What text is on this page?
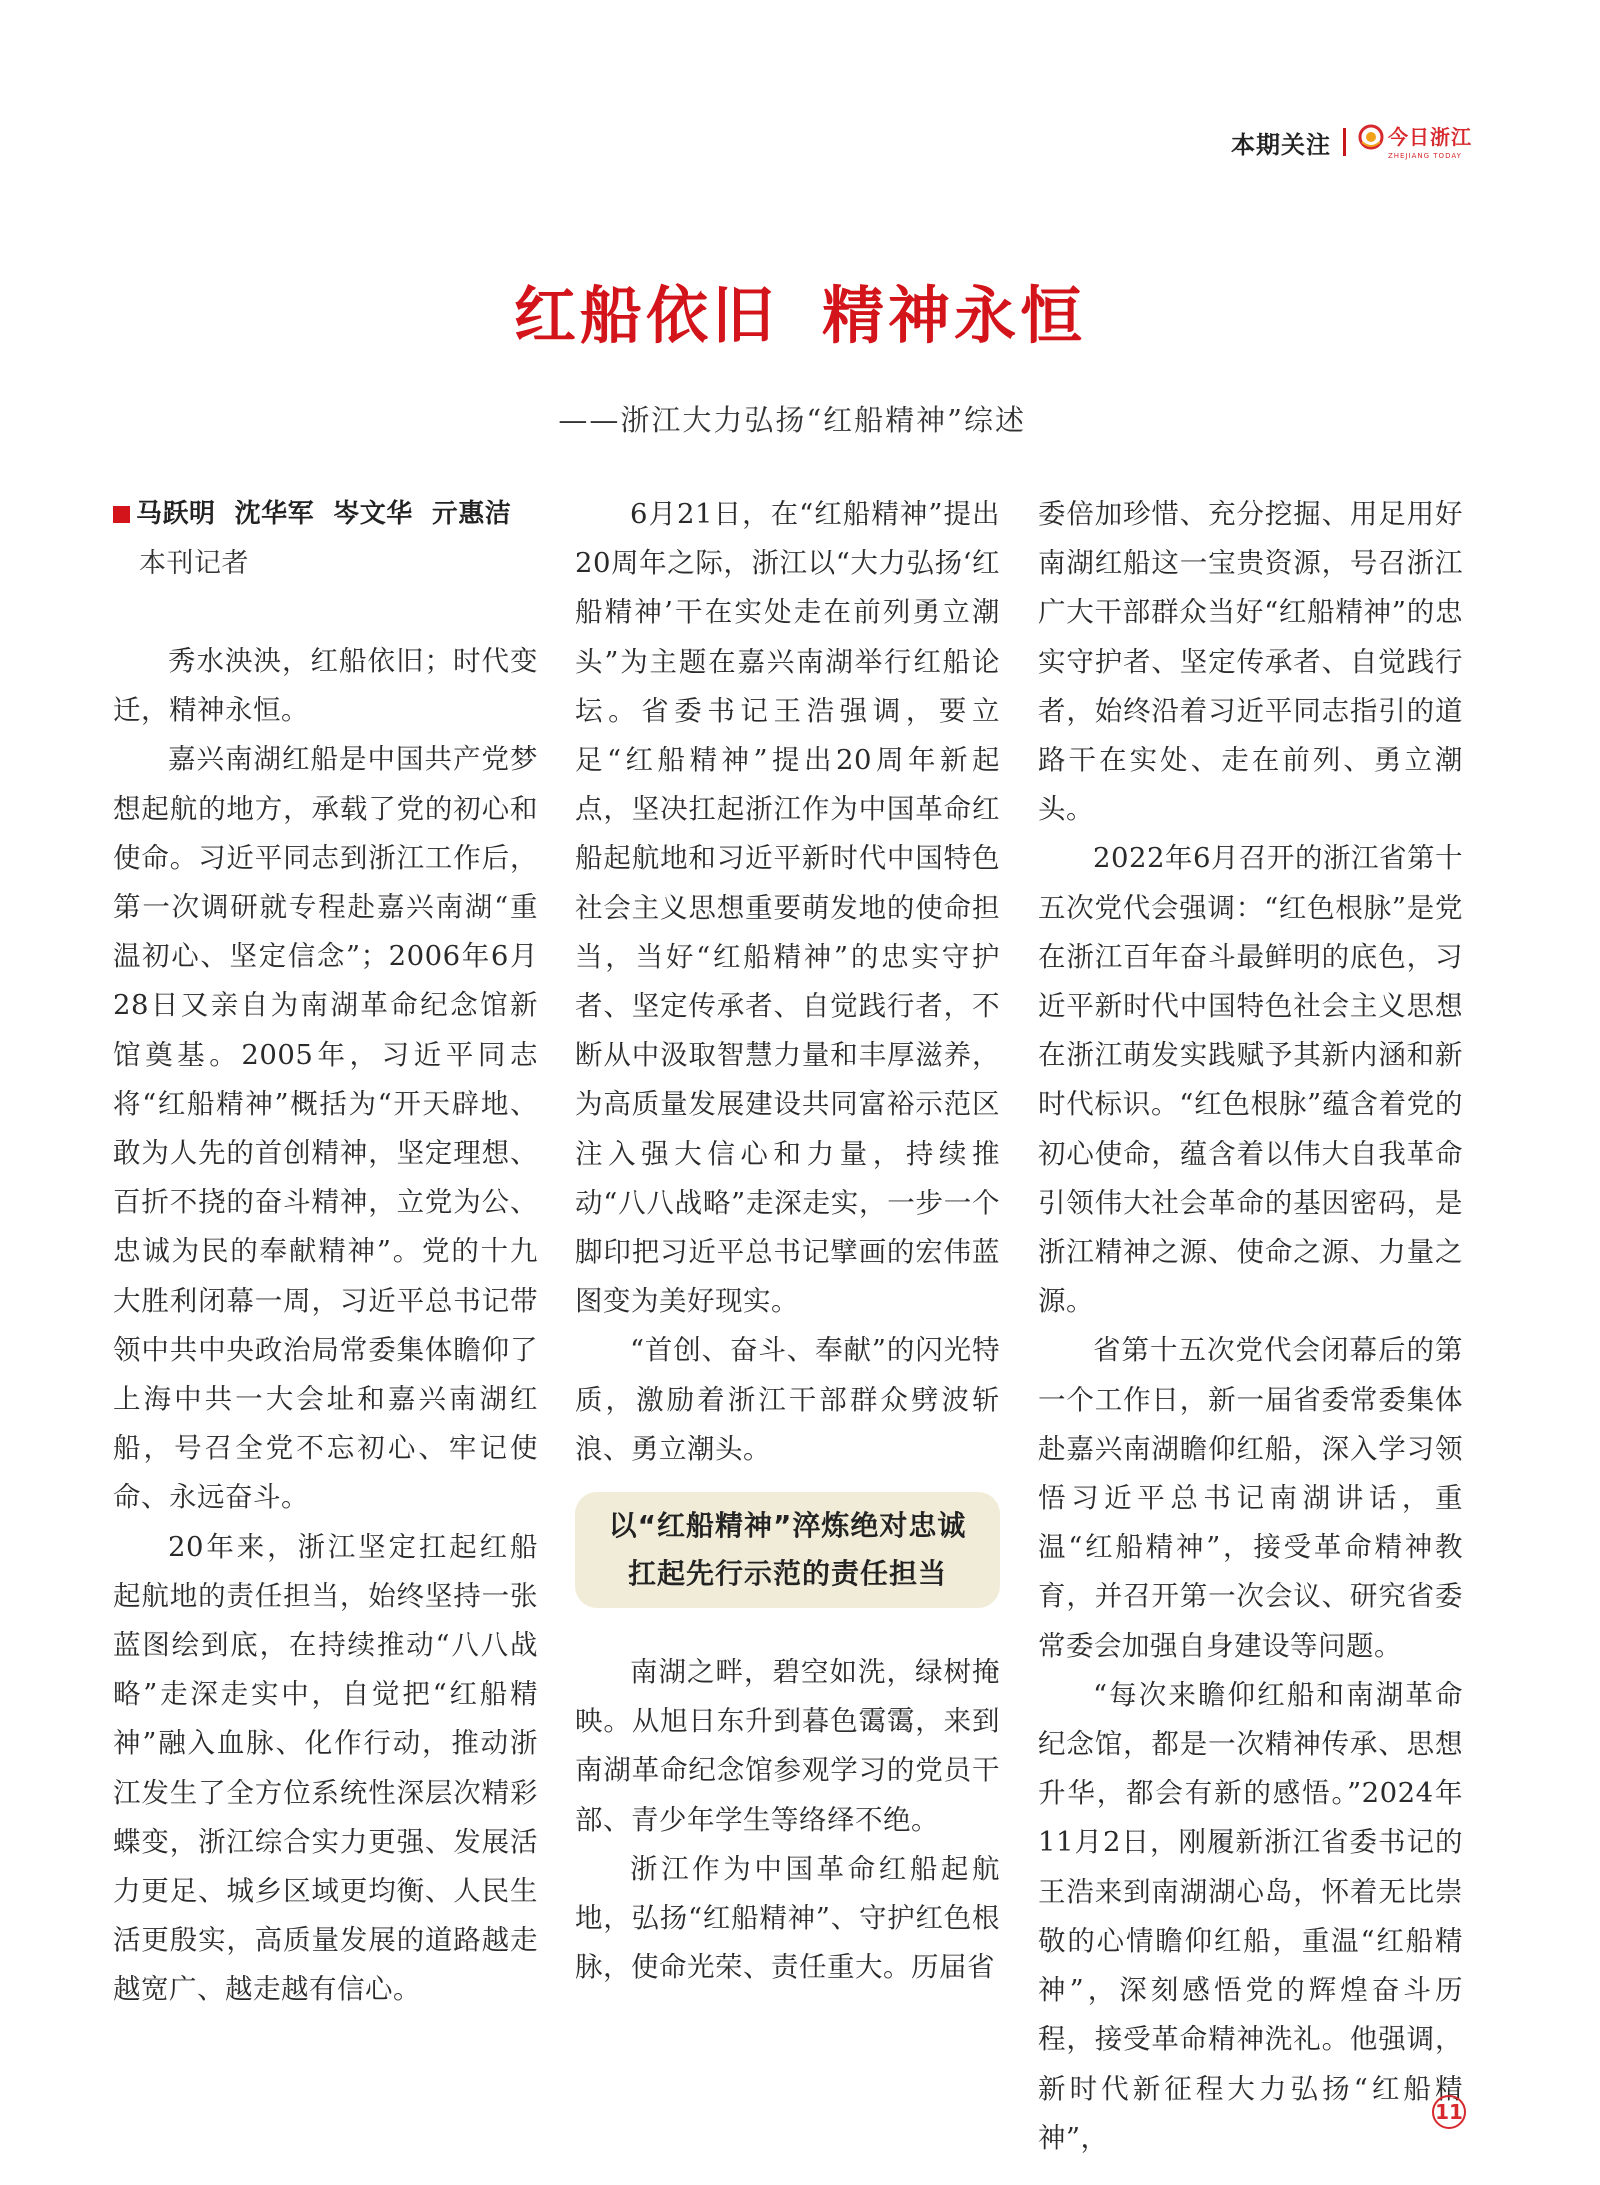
本期关注	今日浙江
ZHEJIANG TODAY
红船依旧 精神永恒
——浙江大力弘扬“红船精神”综述
马跃明  沈华军  岑文华  亓惠洁
本刊记者

秀水泱泱，红船依旧；时代变迁，精神永恒。

嘉兴南湖红船是中国共产党梦想起航的地方，承载了党的初心和使命。习近平同志到浙江工作后，第一次调研就专程赴嘉兴南湖“重温初心、坚定信念”；2006年6月28日又亲自为南湖革命纪念馆新馆奠基。2005年，习近平同志将“红船精神”概括为“开天辟地、敢为人先的首创精神，坚定理想、百折不挠的奋斗精神，立党为公、忠诚为民的奉献精神”。党的十九大胜利闭幕一周，习近平总书记带领中共中央政治局常委集体瞻仰了上海中共一大会址和嘉兴南湖红船，号召全党不忘初心、牢记使命、永远奋斗。

20年来，浙江坚定扛起红船起航地的责任担当，始终坚持一张蓝图绘到底，在持续推动“八八战略”走深走实中，自觉把“红船精神”融入血脉、化作行动，推动浙江发生了全方位系统性深层次精彩蝶变，浙江综合实力更强、发展活力更足、城乡区域更均衡、人民生活更殷实，高质量发展的道路越走越宽广、越走越有信心。

6月21日，在“红船精神”提出20周年之际，浙江以“大力弘扬‘红船精神’干在实处走在前列勇立潮头”为主题在嘉兴南湖举行红船论坛。省委书记王浩强调，要立足“红船精神”提出20周年新起点，坚决扛起浙江作为中国革命红船起航地和习近平新时代中国特色社会主义思想重要萌发地的使命担当，当好“红船精神”的忠实守护者、坚定传承者、自觉践行者，不断从中汲取智慧力量和丰厚滋养，为高质量发展建设共同富裕示范区注入强大信心和力量，持续推动“八八战略”走深走实，一步一个脚印把习近平总书记擘画的宏伟蓝图变为美好现实。

“首创、奋斗、奉献”的闪光特质，激励着浙江干部群众劈波斩浪、勇立潮头。

以“红船精神”淬炼绝对忠诚
扛起先行示范的责任担当

南湖之畔，碧空如洗，绿树掩映。从旭日东升到暮色霭霭，来到南湖革命纪念馆参观学习的党员干部、青少年学生等络绎不绝。

浙江作为中国革命红船起航地，弘扬“红船精神”、守护红色根脉，使命光荣、责任重大。历届省

委倍加珍惜、充分挖掘、用足用好南湖红船这一宝贵资源，号召浙江广大干部群众当好“红船精神”的忠实守护者、坚定传承者、自觉践行者，始终沿着习近平同志指引的道路干在实处、走在前列、勇立潮头。

2022年6月召开的浙江省第十五次党代会强调：“红色根脉”是党在浙江百年奋斗最鲜明的底色，习近平新时代中国特色社会主义思想在浙江萌发实践赋予其新内涵和新时代标识。“红色根脉”蕴含着党的初心使命，蕴含着以伟大自我革命引领伟大社会革命的基因密码，是浙江精神之源、使命之源、力量之源。

省第十五次党代会闭幕后的第一个工作日，新一届省委常委集体赴嘉兴南湖瞻仰红船，深入学习领悟习近平总书记南湖讲话，重温“红船精神”，接受革命精神教育，并召开第一次会议、研究省委常委会加强自身建设等问题。

“每次来瞻仰红船和南湖革命纪念馆，都是一次精神传承、思想升华，都会有新的感悟。”2024年11月2日，刚履新浙江省委书记的王浩来到南湖湖心岛，怀着无比崇敬的心情瞻仰红船，重温“红船精神”，深刻感悟党的辉煌奋斗历程，接受革命精神洗礼。他强调，新时代新征程大力弘扬“红船精神”，

11
